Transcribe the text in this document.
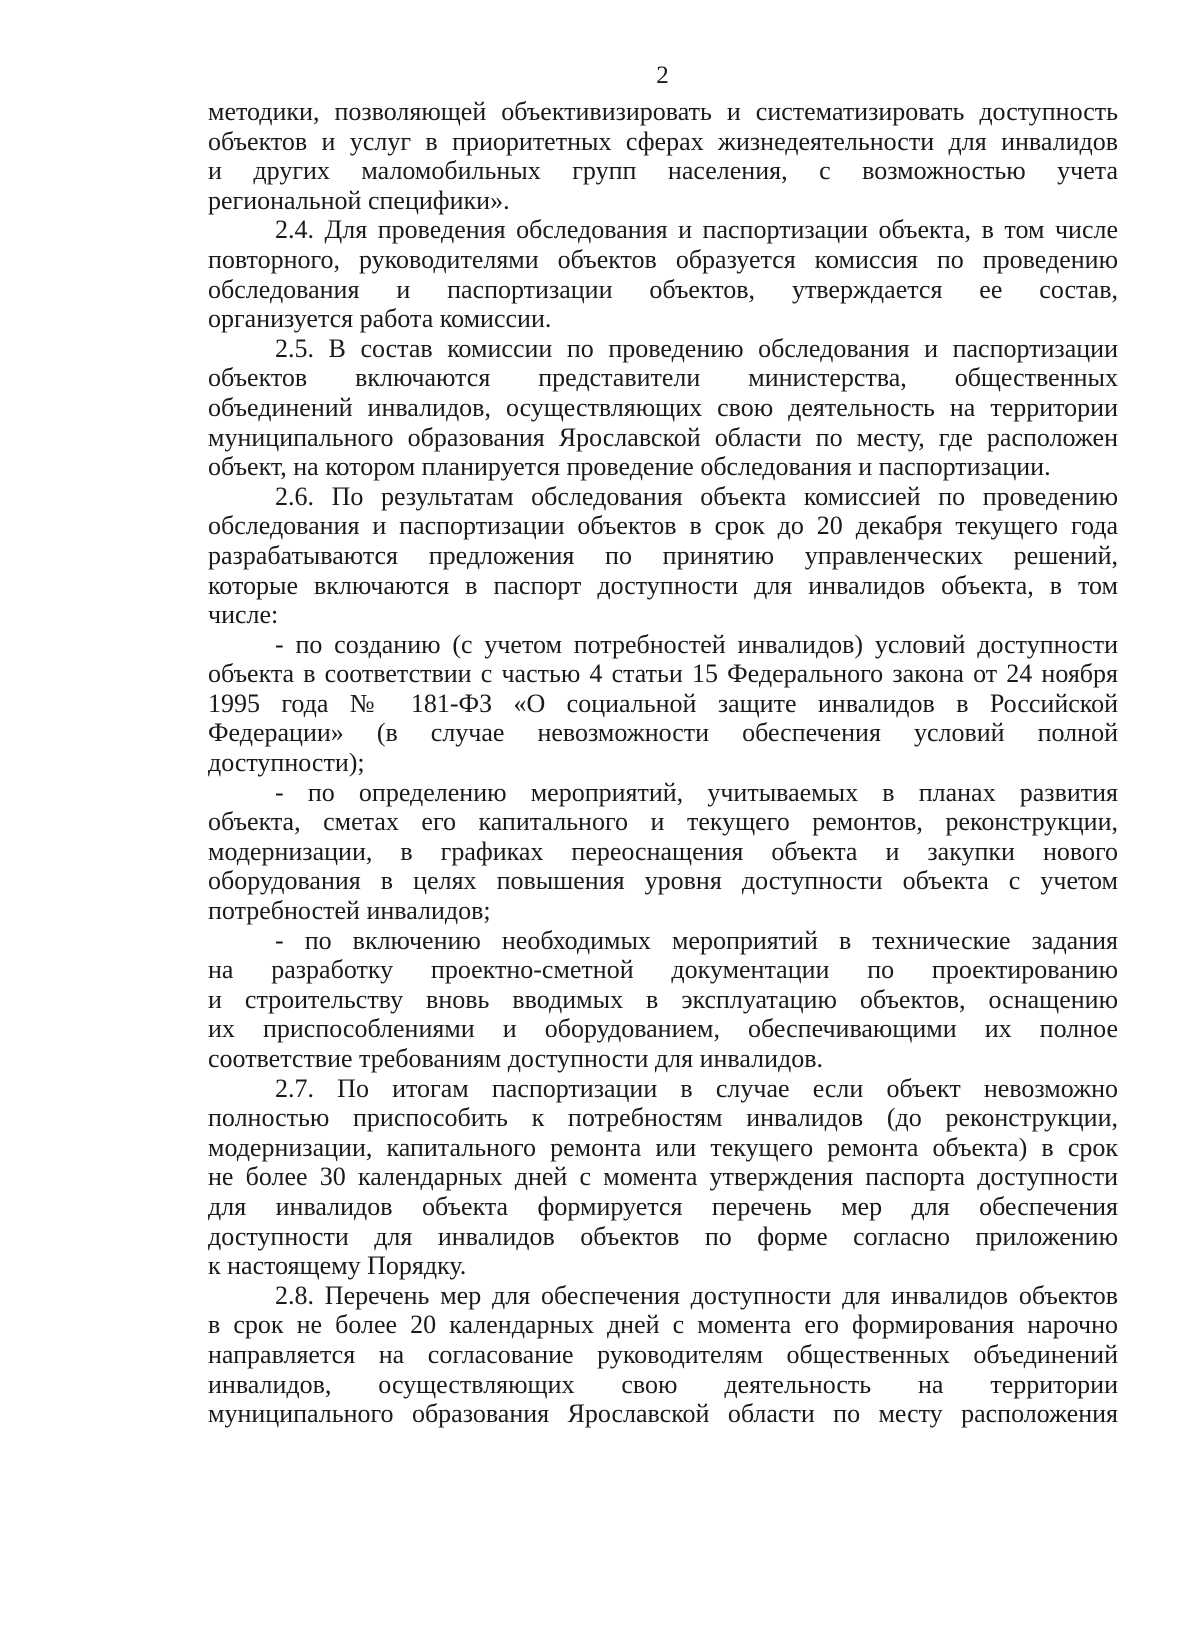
2

методики, позволяющей объективизировать и систематизировать доступность
объектов и услуг в приоритетных сферах жизнедеятельности для инвалидов
и других маломобильных групп населения, с возможностью учета
региональной специфики».

2.4. Для проведения обследования и паспортизации объекта, в том числе
повторного, руководителями объектов образуется комиссия по проведению
обследования и паспортизации объектов, утверждается ее состав,
организуется работа комиссии.

2.5. В состав комиссии по проведению обследования и паспортизации
объектов включаются представители министерства, общественных
объединений инвалидов, осуществляющих свою деятельность на территории
муниципального образования Ярославской области по месту, где расположен
объект, на котором планируется проведение обследования и паспортизации.

2.6. По результатам обследования объекта комиссией по проведению
обследования и паспортизации объектов в срок до 20 декабря текущего года
разрабатываются предложения по принятию управленческих решений,
которые включаются в паспорт доступности для инвалидов объекта, в том
числе:

- по созданию (с учетом потребностей инвалидов) условий доступности
объекта в соответствии с частью 4 статьи 15 Федерального закона от 24 ноября
1995 года № 181-ФЗ «О социальной защите инвалидов в Российской
Федерации» (в случае невозможности обеспечения условий полной
доступности);

- по определению мероприятий, учитываемых в планах развития
объекта, сметах его капитального и текущего ремонтов, реконструкции,
модернизации, в графиках переоснащения объекта и закупки нового
оборудования в целях повышения уровня доступности объекта с учетом
потребностей инвалидов;

- по включению необходимых мероприятий в технические задания
на разработку проектно-сметной документации по проектированию
и строительству вновь вводимых в эксплуатацию объектов, оснащению
их приспособлениями и оборудованием, обеспечивающими их полное
соответствие требованиям доступности для инвалидов.

2.7. По итогам паспортизации в случае если объект невозможно
полностью приспособить к потребностям инвалидов (до реконструкции,
модернизации, капитального ремонта или текущего ремонта объекта) в срок
не более 30 календарных дней с момента утверждения паспорта доступности
для инвалидов объекта формируется перечень мер для обеспечения
доступности для инвалидов объектов по форме согласно приложению
к настоящему Порядку.

2.8. Перечень мер для обеспечения доступности для инвалидов объектов
в срок не более 20 календарных дней с момента его формирования нарочно
направляется на согласование руководителям общественных объединений
инвалидов, осуществляющих свою деятельность на территории
муниципального образования Ярославской области по месту расположения
